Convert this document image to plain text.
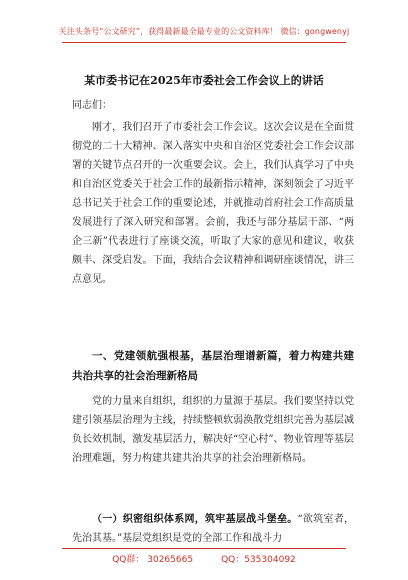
关注头条号“公文研究”，获得最新最全最专业的公文资料库！ 微信：gongwenyj
某市委书记在2025年市委社会工作会议上的讲话
同志们：
刚才，我们召开了市委社会工作会议。这次会议是在全面贯彻党的二十大精神、深入落实中央和自治区党委社会工作会议部署的关键节点召开的一次重要会议。会上，我们认真学习了中央和自治区党委关于社会工作的最新指示精神，深刻领会了习近平总书记关于社会工作的重要论述，并就推动首府社会工作高质量发展进行了深入研究和部署。会前，我还与部分基层干部、“两企三新”代表进行了座谈交流，听取了大家的意见和建议，收获颇丰、深受启发。下面，我结合会议精神和调研座谈情况，讲三点意见。
一、党建领航强根基，基层治理谱新篇，着力构建共建共治共享的社会治理新格局
党的力量来自组织，组织的力量源于基层。我们要坚持以党建引领基层治理为主线，持续整顿软弱涣散党组织完善为基层减负长效机制，激发基层活力，解决好“空心村”、物业管理等基层治理难题，努力构建共建共治共享的社会治理新格局。
（一）织密组织体系网，筑牢基层战斗堡垒。“欲筑室者，先治其基。”基层党组织是党的全部工作和战斗力
QQ群： 30265665	QQ：535304092
